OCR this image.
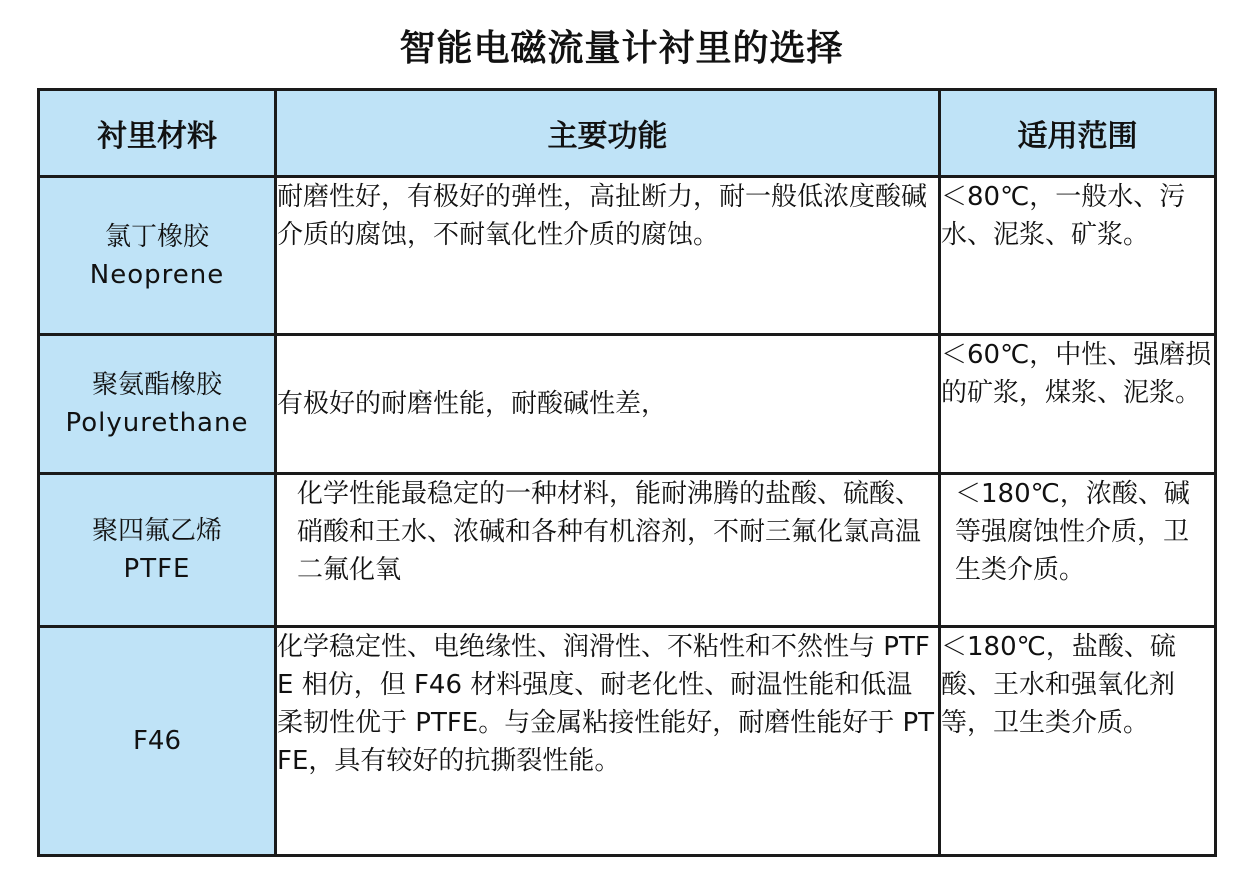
智能电磁流量计衬里的选择
衬里材料	主要功能	适用范围

氯丁橡胶
Neoprene	耐磨性好，有极好的弹性，高扯断力，耐一般低浓度酸碱介质的腐蚀，不耐氧化性介质的腐蚀。	＜80℃，一般水、污水、泥浆、矿浆。

聚氨酯橡胶
Polyurethane	有极好的耐磨性能，耐酸碱性差，	＜60℃，中性、强磨损的矿浆，煤浆、泥浆。

聚四氟乙烯
PTFE	化学性能最稳定的一种材料，能耐沸腾的盐酸、硫酸、硝酸和王水、浓碱和各种有机溶剂，不耐三氟化氯高温二氟化氧	＜180℃，浓酸、碱等强腐蚀性介质，卫生类介质。

F46	化学稳定性、电绝缘性、润滑性、不粘性和不然性与 PTFE 相仿，但 F46 材料强度、耐老化性、耐温性能和低温柔韧性优于 PTFE。与金属粘接性能好，耐磨性能好于 PTFE，具有较好的抗撕裂性能。	＜180℃，盐酸、硫酸、王水和强氧化剂等，卫生类介质。
